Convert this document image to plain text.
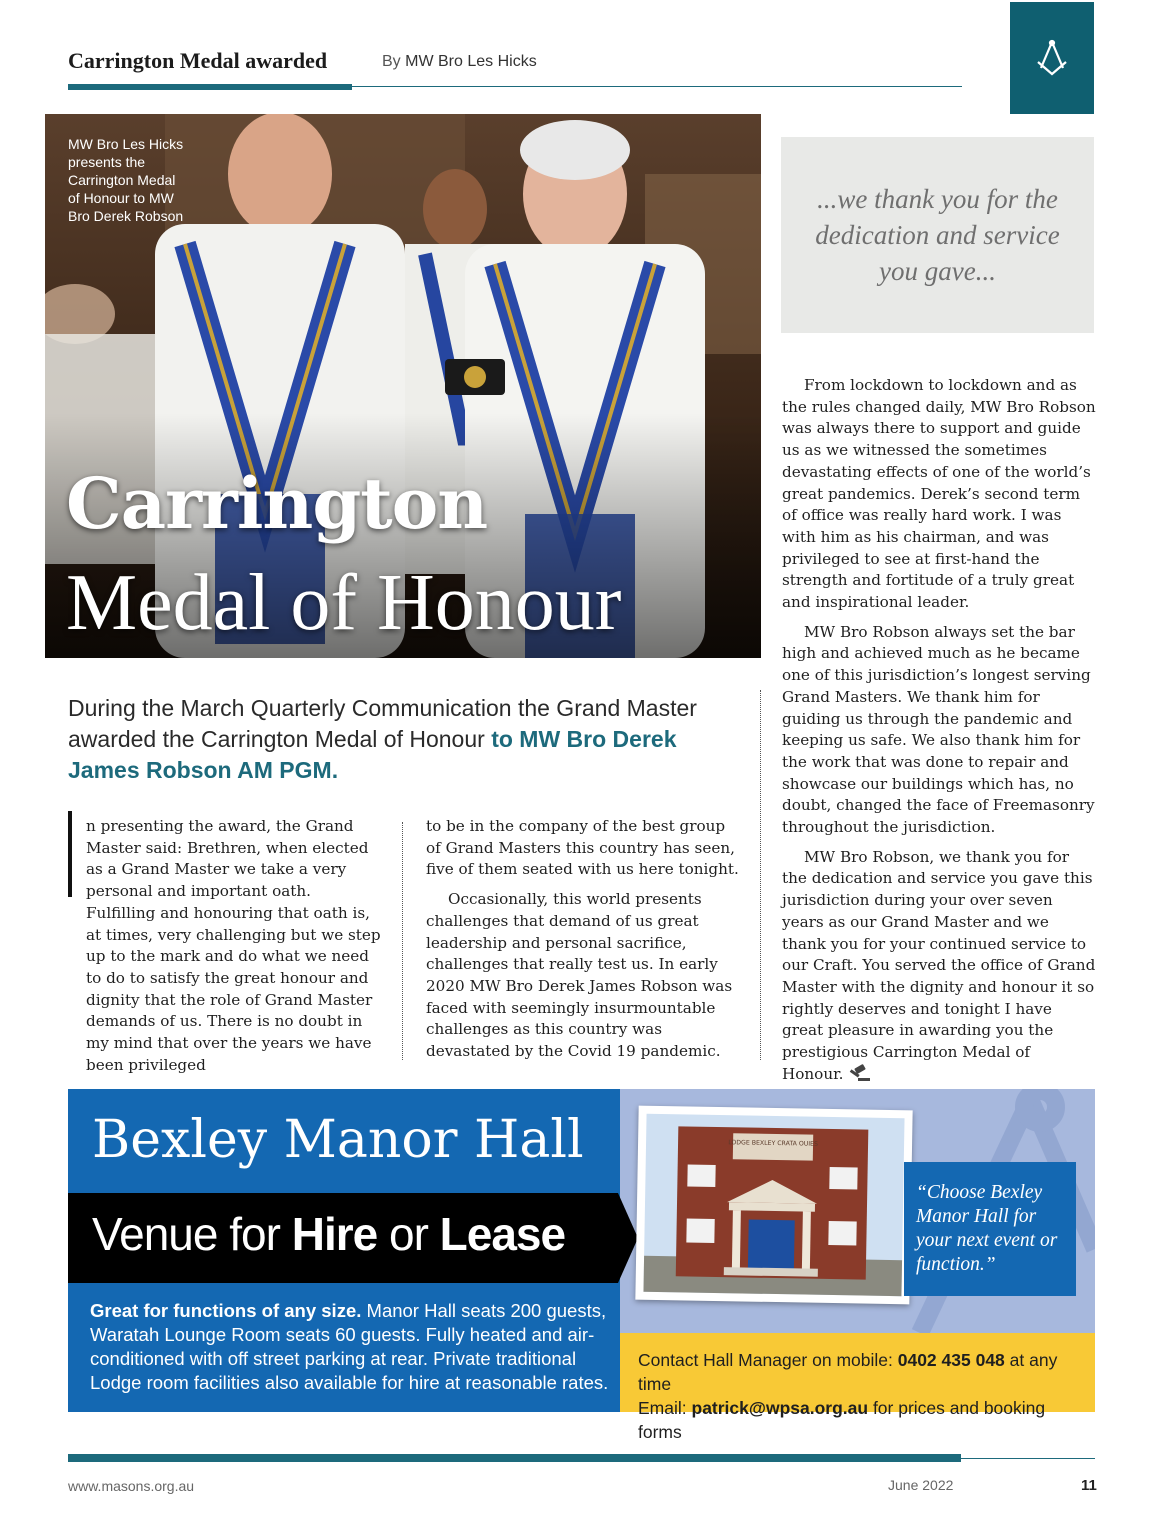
Carrington Medal awarded	By MW Bro Les Hicks
MW Bro Les Hicks presents the Carrington Medal of Honour to MW Bro Derek Robson
Carrington
Medal of Honour
...we thank you for the dedication and service you gave...
During the March Quarterly Communication the Grand Master awarded the Carrington Medal of Honour to MW Bro Derek James Robson AM PGM.

n presenting the award, the Grand Master said: Brethren, when elected as a Grand Master we take a very personal and important oath. Fulfilling and honouring that oath is, at times, very challenging but we step up to the mark and do what we need to do to satisfy the great honour and dignity that the role of Grand Master demands of us. There is no doubt in my mind that over the years we have been privileged

to be in the company of the best group of Grand Masters this country has seen, five of them seated with us here tonight.

Occasionally, this world presents challenges that demand of us great leadership and personal sacrifice, challenges that really test us. In early 2020 MW Bro Derek James Robson was faced with seemingly insurmountable challenges as this country was devastated by the Covid 19 pandemic.

From lockdown to lockdown and as the rules changed daily, MW Bro Robson was always there to support and guide us as we witnessed the sometimes devastating effects of one of the world’s great pandemics. Derek’s second term of office was really hard work. I was with him as his chairman, and was privileged to see at first-hand the strength and fortitude of a truly great and inspirational leader.

MW Bro Robson always set the bar high and achieved much as he became one of this jurisdiction’s longest serving Grand Masters. We thank him for guiding us through the pandemic and keeping us safe. We also thank him for the work that was done to repair and showcase our buildings which has, no doubt, changed the face of Freemasonry throughout the jurisdiction.

MW Bro Robson, we thank you for the dedication and service you gave this jurisdiction during your over seven years as our Grand Master and we thank you for your continued service to our Craft. You served the office of Grand Master with the dignity and honour it so rightly deserves and tonight I have great pleasure in awarding you the prestigious Carrington Medal of Honour.

Bexley Manor Hall
Venue for Hire or Lease
Great for functions of any size. Manor Hall seats 200 guests, Waratah Lounge Room seats 60 guests. Fully heated and air-conditioned with off street parking at rear. Private traditional Lodge room facilities also available for hire at reasonable rates.
LODGE BEXLEY CRATA OUIES
“Choose Bexley Manor Hall for your next event or function.”
Contact Hall Manager on mobile: 0402 435 048 at any time
Email: patrick@wpsa.org.au for prices and booking forms
www.masons.org.au	June 2022	11
